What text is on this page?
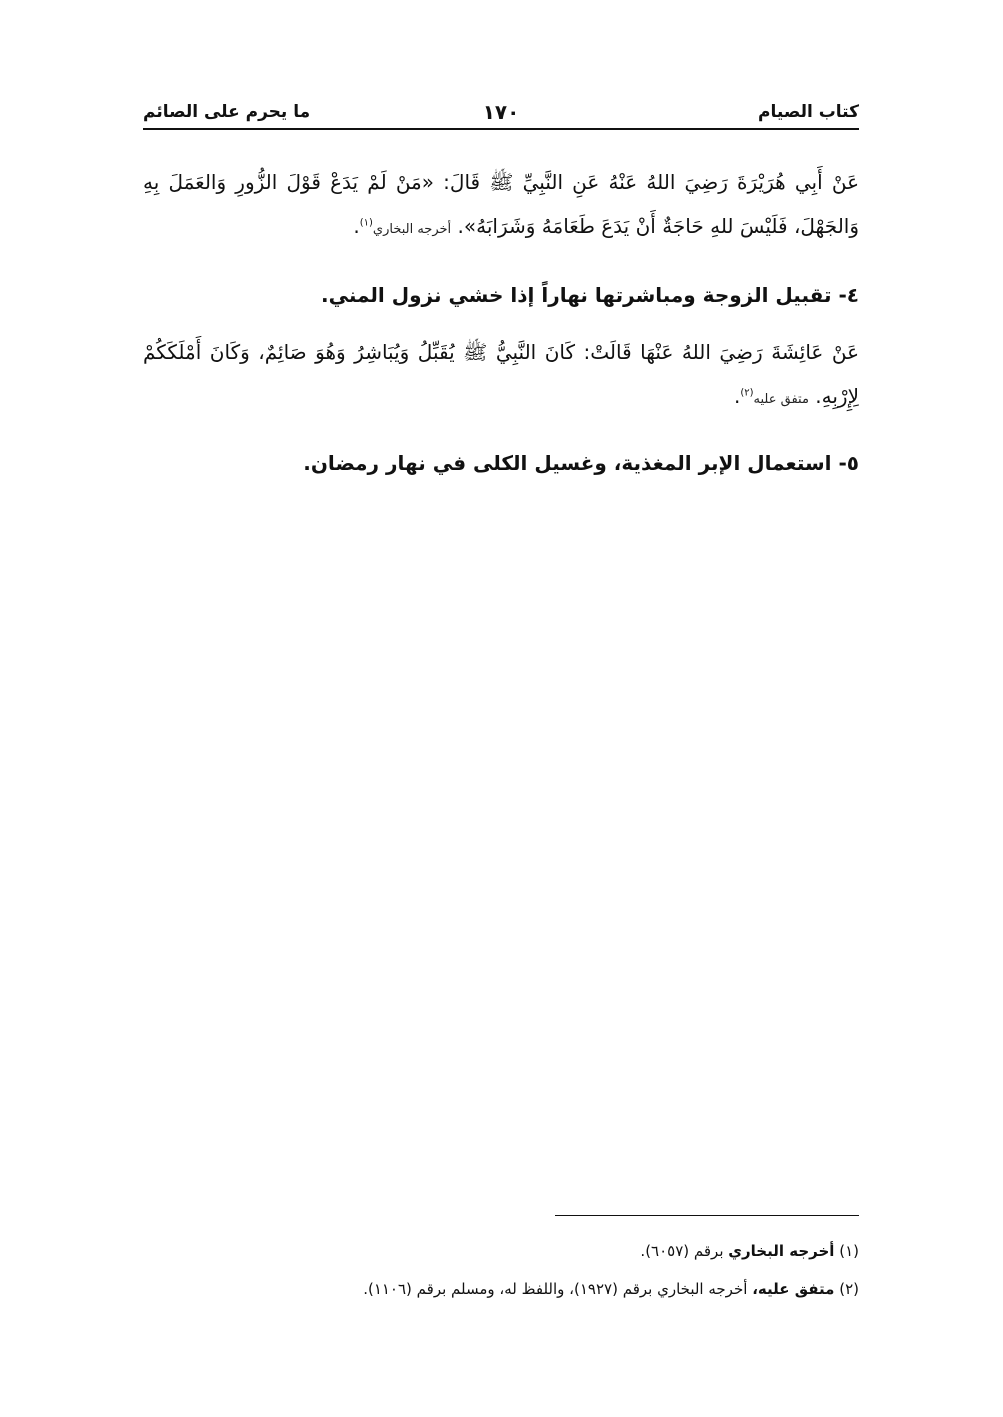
كتاب الصيام
١٧٠
ما يحرم على الصائم

عَنْ أَبِي هُرَيْرَةَ رَضِيَ اللهُ عَنْهُ عَنِ النَّبِيِّ ﷺ قَالَ: «مَنْ لَمْ يَدَعْ قَوْلَ الزُّورِ وَالعَمَلَ بِهِ وَالجَهْلَ، فَلَيْسَ للهِ حَاجَةٌ أَنْ يَدَعَ طَعَامَهُ وَشَرَابَهُ». أخرجه البخاري$^{(١)}$.

٤- تقبيل الزوجة ومباشرتها نهاراً إذا خشي نزول المني.

عَنْ عَائِشَةَ رَضِيَ اللهُ عَنْهَا قَالَتْ: كَانَ النَّبِيُّ ﷺ يُقَبِّلُ وَيُبَاشِرُ وَهُوَ صَائِمٌ، وَكَانَ أَمْلَكَكُمْ لِإِرْبِهِ. متفق عليه$^{(٢)}$.

٥- استعمال الإبر المغذية، وغسيل الكلى في نهار رمضان.

(١) أخرجه البخاري برقم (٦٠٥٧).

(٢) متفق عليه، أخرجه البخاري برقم (١٩٢٧)، واللفظ له، ومسلم برقم (١١٠٦).
